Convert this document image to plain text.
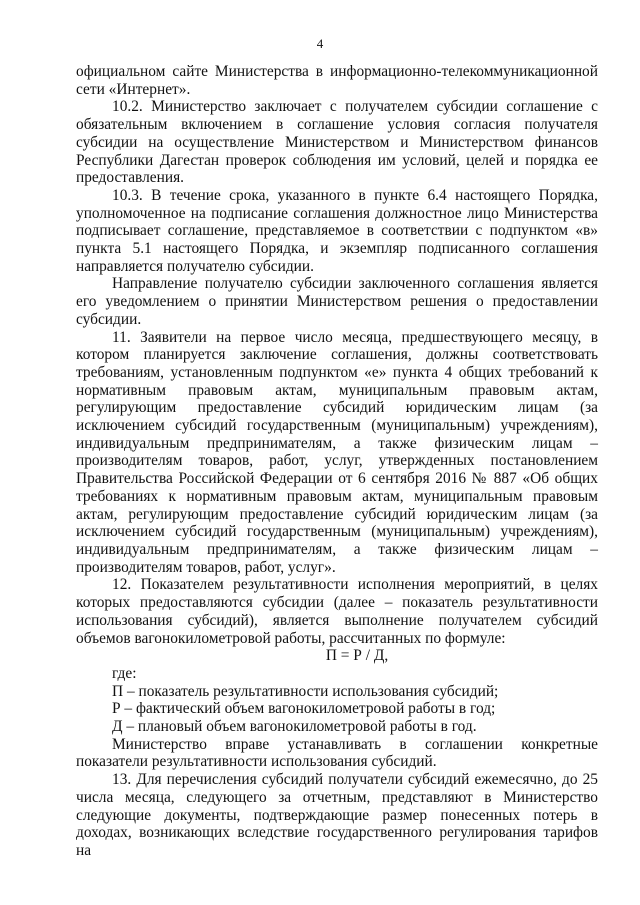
4

официальном сайте Министерства в информационно-телекоммуникационной сети «Интернет».

10.2. Министерство заключает с получателем субсидии соглашение с обязательным включением в соглашение условия согласия получателя субсидии на осуществление Министерством и Министерством финансов Республики Дагестан проверок соблюдения им условий, целей и порядка ее предоставления.

10.3. В течение срока, указанного в пункте 6.4 настоящего Порядка, уполномоченное на подписание соглашения должностное лицо Министерства подписывает соглашение, представляемое в соответствии с подпунктом «в» пункта 5.1 настоящего Порядка, и экземпляр подписанного соглашения направляется получателю субсидии.

Направление получателю субсидии заключенного соглашения является его уведомлением о принятии Министерством решения о предоставлении субсидии.

11. Заявители на первое число месяца, предшествующего месяцу, в котором планируется заключение соглашения, должны соответствовать требованиям, установленным подпунктом «е» пункта 4 общих требований к нормативным правовым актам, муниципальным правовым актам, регулирующим предоставление субсидий юридическим лицам (за исключением субсидий государственным (муниципальным) учреждениям), индивидуальным предпринимателям, а также физическим лицам – производителям товаров, работ, услуг, утвержденных постановлением Правительства Российской Федерации от 6 сентября 2016 № 887 «Об общих требованиях к нормативным правовым актам, муниципальным правовым актам, регулирующим предоставление субсидий юридическим лицам (за исключением субсидий государственным (муниципальным) учреждениям), индивидуальным предпринимателям, а также физическим лицам – производителям товаров, работ, услуг».

12. Показателем результативности исполнения мероприятий, в целях которых предоставляются субсидии (далее – показатель результативности использования субсидий), является выполнение получателем субсидий объемов вагонокилометровой работы, рассчитанных по формуле:

П = Р / Д,

где:

П – показатель результативности использования субсидий;

Р – фактический объем вагонокилометровой работы в год;

Д – плановый объем вагонокилометровой работы в год.

Министерство вправе устанавливать в соглашении конкретные показатели результативности использования субсидий.

13. Для перечисления субсидий получатели субсидий ежемесячно, до 25 числа месяца, следующего за отчетным, представляют в Министерство следующие документы, подтверждающие размер понесенных потерь в доходах, возникающих вследствие государственного регулирования тарифов на
